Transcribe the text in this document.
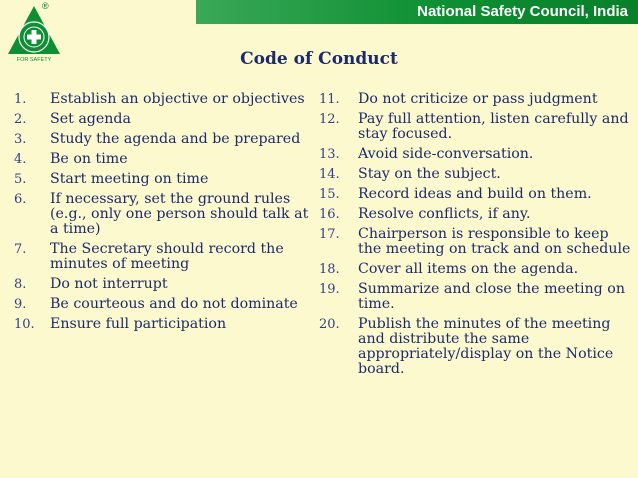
National Safety Council, India
FOR SAFETY
®
Code of Conduct
1.	Establish an objective or objectives
2.	Set agenda
3.	Study the agenda and be prepared
4.	Be on time
5.	Start meeting on time
6.	If necessary, set the ground rules (e.g., only one person should talk at a time)
7.	The Secretary should record the minutes of meeting
8.	Do not interrupt
9.	Be courteous and do not dominate
10.	Ensure full participation
11.	Do not criticize or pass judgment
12.	Pay full attention, listen carefully and stay focused.
13.	Avoid side-conversation.
14.	Stay on the subject.
15.	Record ideas and build on them.
16.	Resolve conflicts, if any.
17.	Chairperson is responsible to keep the meeting on track and on schedule
18.	Cover all items on the agenda.
19.	Summarize and close the meeting on time.
20.	Publish the minutes of the meeting and distribute the same appropriately/display on the Notice board.
